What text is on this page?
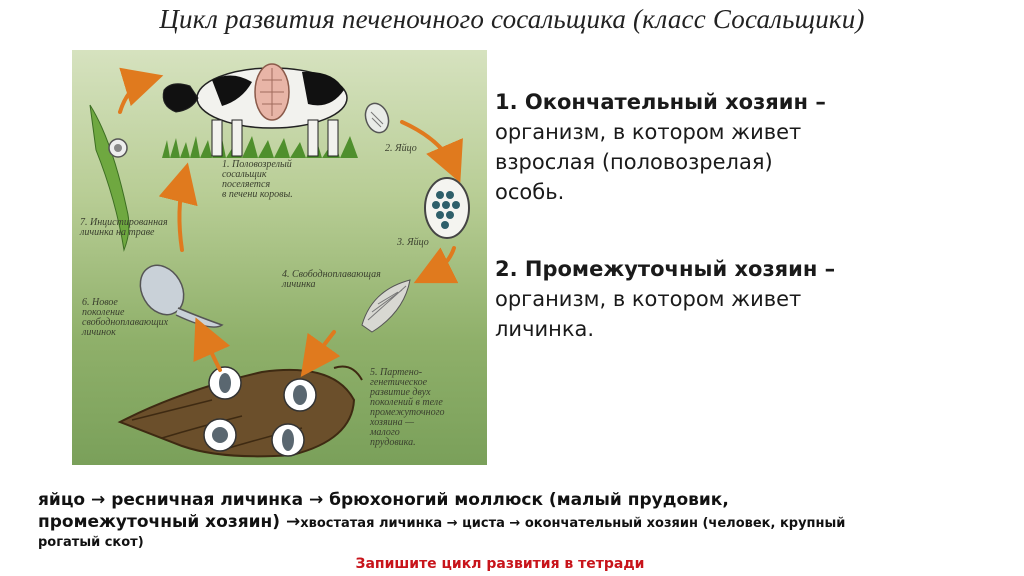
Цикл развития печеночного сосальщика (класс Сосальщики)
1. Половозрелый
сосальщик
поселяется
в печени коровы.
2. Яйцо
3. Яйцо
4. Свободноплавающая
личинка
5. Партено-
генетическое
развитие двух
поколений в теле
промежуточного
хозяина —
малого
прудовика.
6. Новое
поколение
свободноплавающих
личинок
7. Инцистированная
личинка на траве
1. Окончательный хозяин –
организм, в котором живет
взрослая (половозрелая)
особь.
2. Промежуточный хозяин –
организм, в котором живет
личинка.
яйцо → ресничная личинка → брюхоногий моллюск (малый прудовик,
промежуточный хозяин) →хвостатая личинка → циста → окончательный хозяин (человек, крупный
рогатый скот)
Запишите цикл развития в тетради
